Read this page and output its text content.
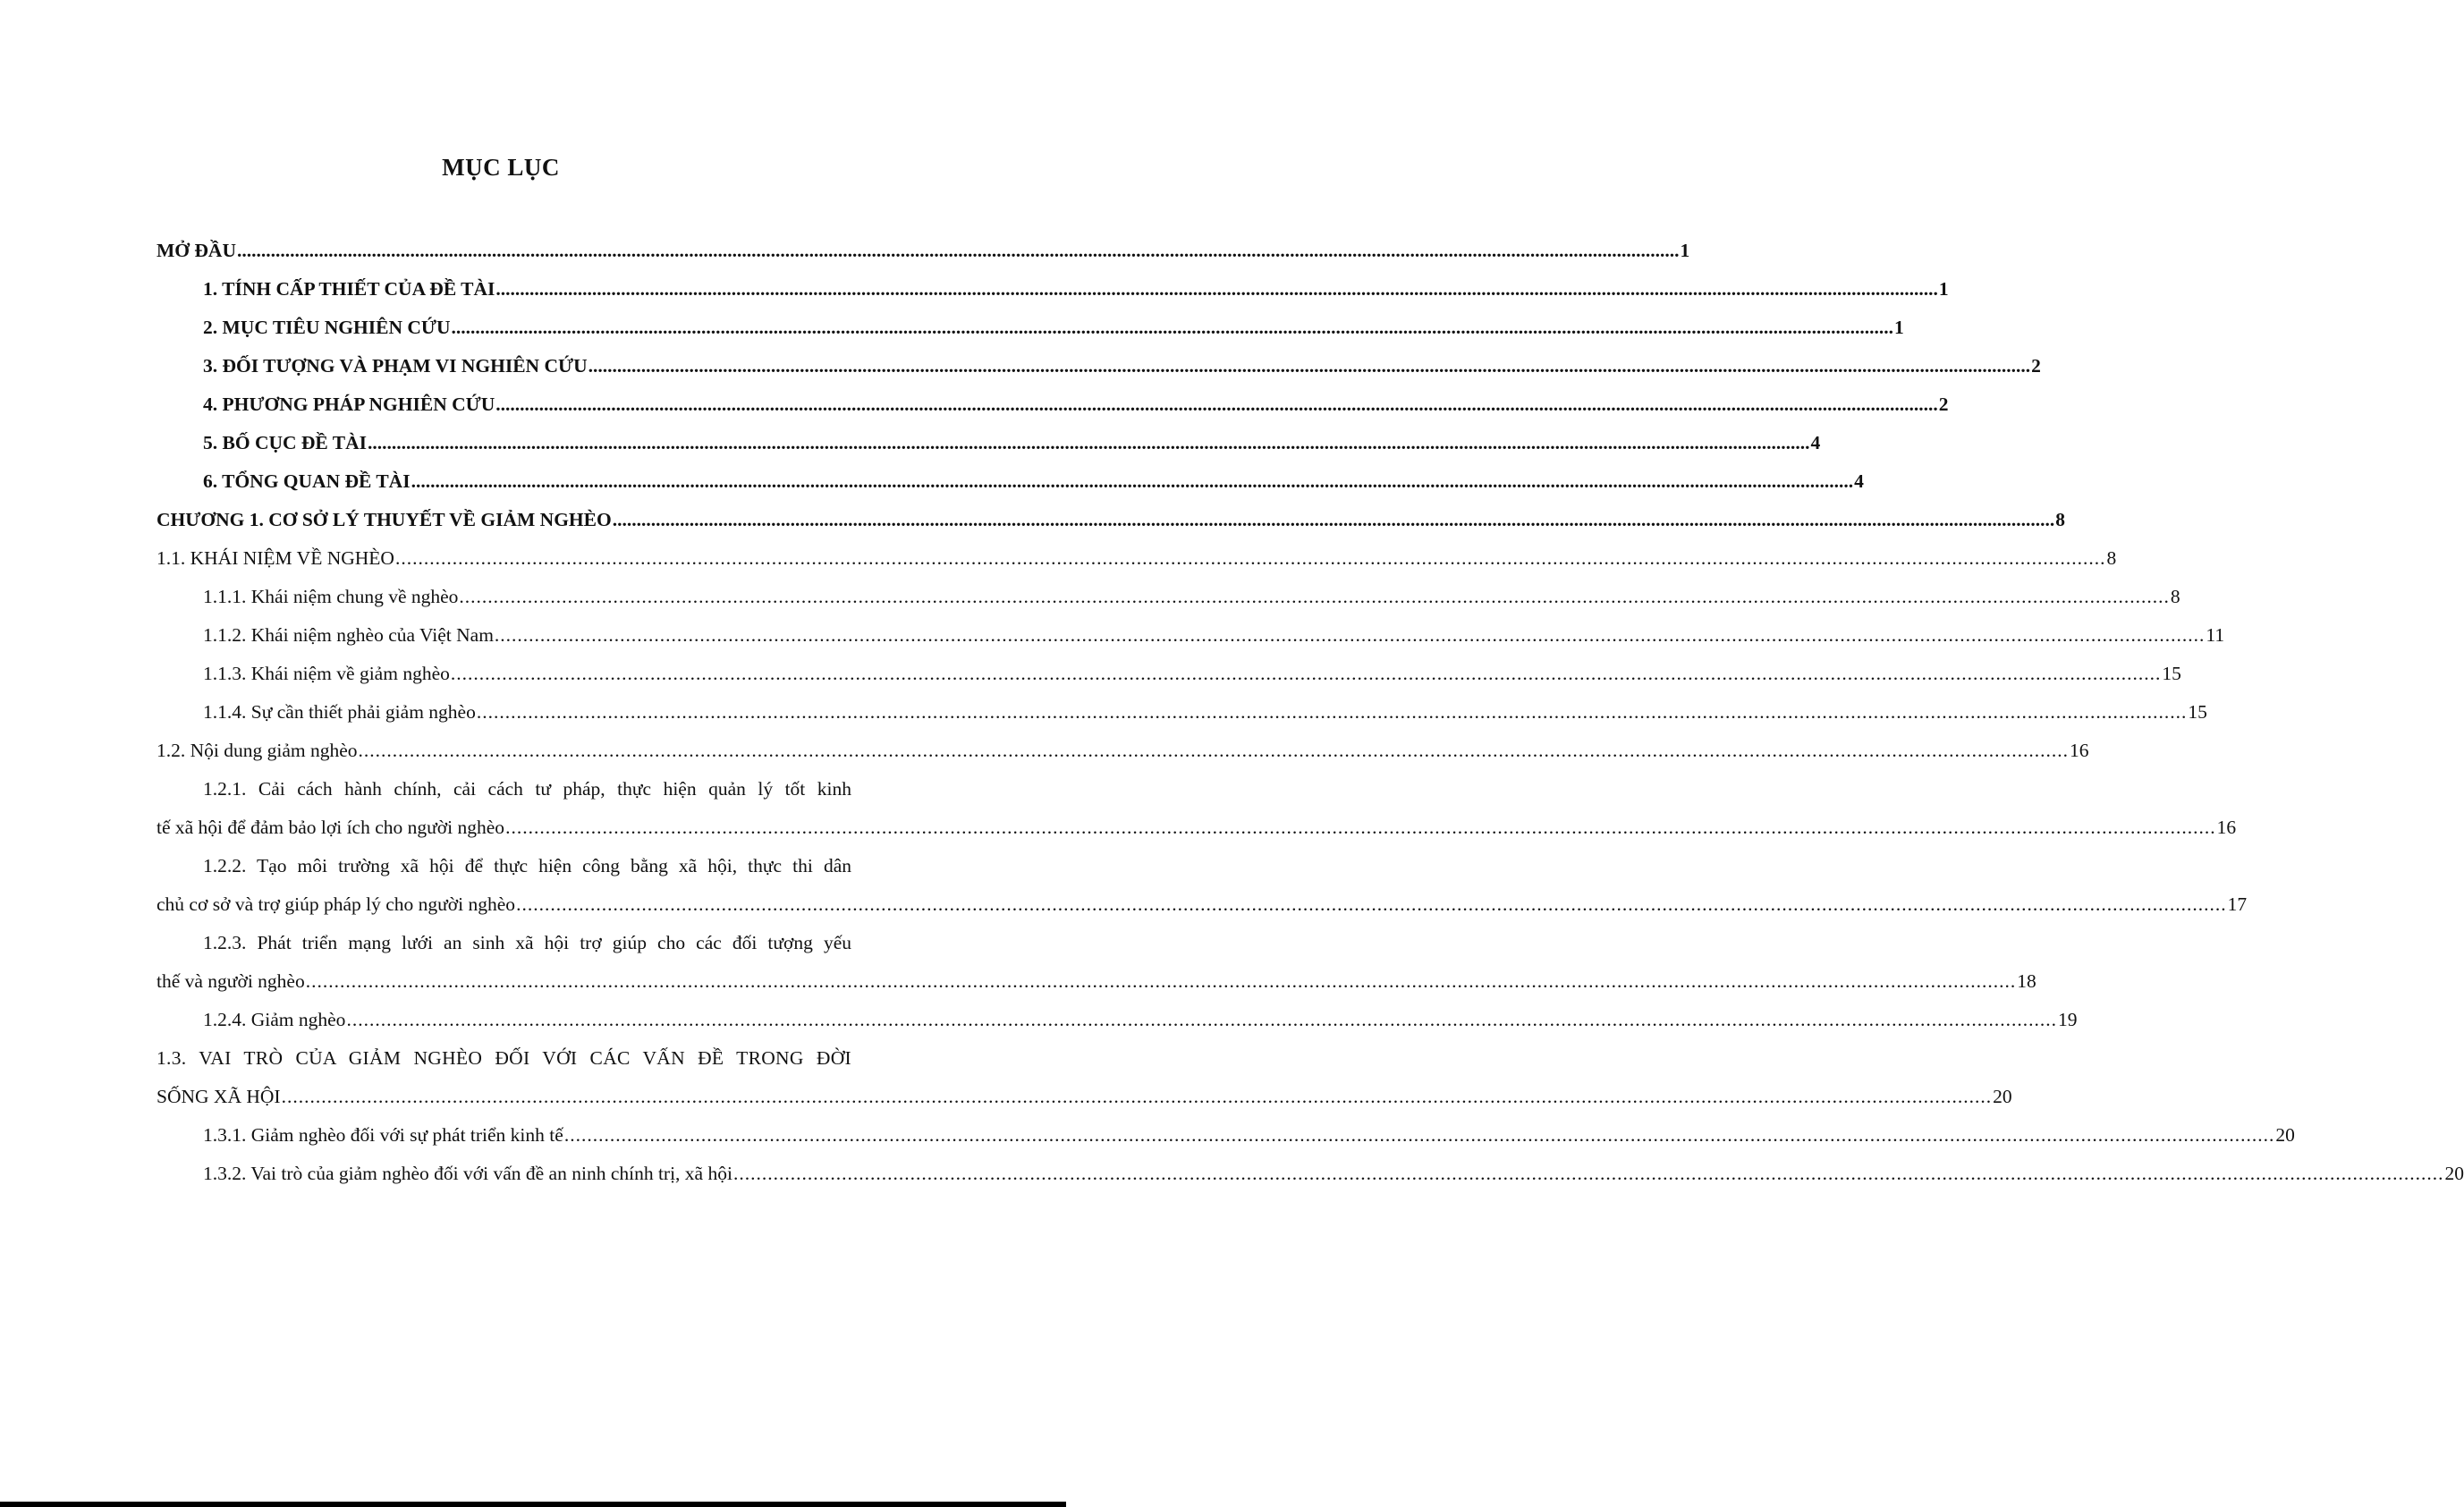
MỤC LỤC
MỞ ĐẦU ............................................................................................................................................................................................................................................................................................................ 1
1. TÍNH CẤP THIẾT CỦA ĐỀ TÀI ............................................................................................................................................................................................................................................................................................................ 1
2. MỤC TIÊU NGHIÊN CỨU ............................................................................................................................................................................................................................................................................................................ 1
3. ĐỐI TƯỢNG VÀ PHẠM VI NGHIÊN CỨU ............................................................................................................................................................................................................................................................................................................ 2
4. PHƯƠNG PHÁP NGHIÊN CỨU ............................................................................................................................................................................................................................................................................................................ 2
5. BỐ CỤC ĐỀ TÀI ............................................................................................................................................................................................................................................................................................................ 4
6. TỔNG QUAN ĐỀ TÀI ............................................................................................................................................................................................................................................................................................................ 4
CHƯƠNG 1. CƠ SỞ LÝ THUYẾT VỀ GIẢM NGHÈO ............................................................................................................................................................................................................................................................................................................ 8
1.1. KHÁI NIỆM VỀ NGHÈO ............................................................................................................................................................................................................................................................................................................ 8
1.1.1. Khái niệm chung về nghèo ............................................................................................................................................................................................................................................................................................................ 8
1.1.2. Khái niệm nghèo của Việt Nam ............................................................................................................................................................................................................................................................................................................ 11
1.1.3. Khái niệm về giảm nghèo ............................................................................................................................................................................................................................................................................................................ 15
1.1.4. Sự cần thiết phải giảm nghèo ............................................................................................................................................................................................................................................................................................................ 15
1.2. Nội dung giảm nghèo ............................................................................................................................................................................................................................................................................................................ 16
1.2.1. Cải cách hành chính, cải cách tư pháp, thực hiện quản lý tốt kinh
tế xã hội để đảm bảo lợi ích cho người nghèo ............................................................................................................................................................................................................................................................................................................ 16
1.2.2. Tạo môi trường xã hội để thực hiện công bằng xã hội, thực thi dân
chủ cơ sở và trợ giúp pháp lý cho người nghèo ............................................................................................................................................................................................................................................................................................................ 17
1.2.3. Phát triển mạng lưới an sinh xã hội trợ giúp cho các đối tượng yếu
thế và người nghèo ............................................................................................................................................................................................................................................................................................................ 18
1.2.4. Giảm nghèo ............................................................................................................................................................................................................................................................................................................ 19
1.3. VAI TRÒ CỦA GIẢM NGHÈO ĐỐI VỚI CÁC VẤN ĐỀ TRONG ĐỜI
SỐNG XÃ HỘI ............................................................................................................................................................................................................................................................................................................ 20
1.3.1. Giảm nghèo đối với sự phát triển kinh tế ............................................................................................................................................................................................................................................................................................................ 20
1.3.2. Vai trò của giảm nghèo đối với vấn đề an ninh chính trị, xã hội ............................................................................................................................................................................................................................................................................................................ 20
